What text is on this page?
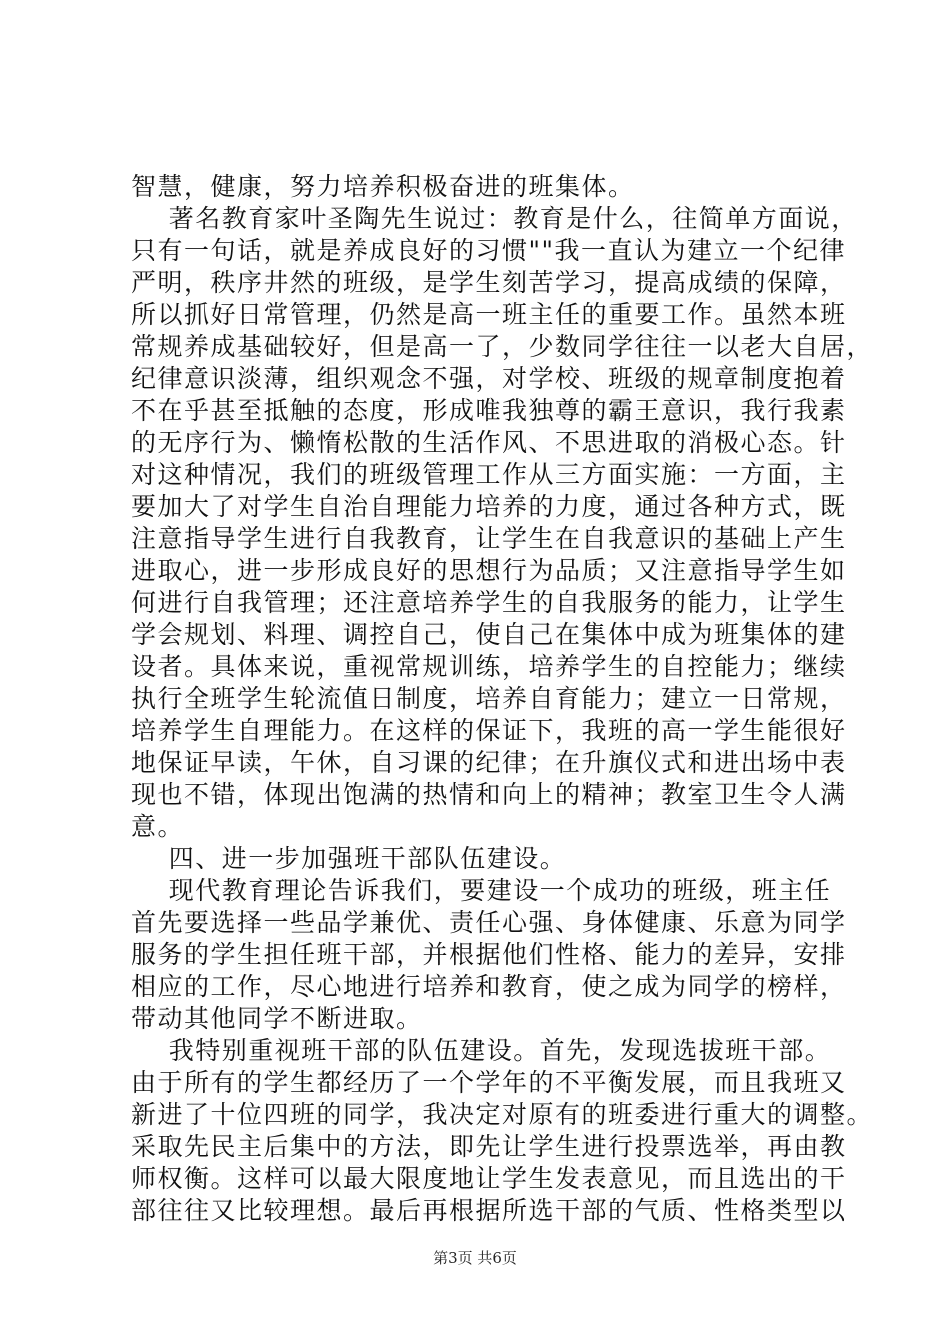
智慧，健康，努力培养积极奋进的班集体。
著名教育家叶圣陶先生说过：教育是什么，往简单方面说，
只有一句话，就是养成良好的习惯""我一直认为建立一个纪律
严明，秩序井然的班级，是学生刻苦学习，提高成绩的保障，
所以抓好日常管理，仍然是高一班主任的重要工作。虽然本班
常规养成基础较好，但是高一了，少数同学往往一以老大自居，
纪律意识淡薄，组织观念不强，对学校、班级的规章制度抱着
不在乎甚至抵触的态度，形成唯我独尊的霸王意识，我行我素
的无序行为、懒惰松散的生活作风、不思进取的消极心态。针
对这种情况，我们的班级管理工作从三方面实施：一方面，主
要加大了对学生自治自理能力培养的力度，通过各种方式，既
注意指导学生进行自我教育，让学生在自我意识的基础上产生
进取心，进一步形成良好的思想行为品质；又注意指导学生如
何进行自我管理；还注意培养学生的自我服务的能力，让学生
学会规划、料理、调控自己，使自己在集体中成为班集体的建
设者。具体来说，重视常规训练，培养学生的自控能力；继续
执行全班学生轮流值日制度，培养自育能力；建立一日常规，
培养学生自理能力。在这样的保证下，我班的高一学生能很好
地保证早读，午休，自习课的纪律；在升旗仪式和进出场中表
现也不错，体现出饱满的热情和向上的精神；教室卫生令人满
意。
四、进一步加强班干部队伍建设。
现代教育理论告诉我们，要建设一个成功的班级，班主任
首先要选择一些品学兼优、责任心强、身体健康、乐意为同学
服务的学生担任班干部，并根据他们性格、能力的差异，安排
相应的工作，尽心地进行培养和教育，使之成为同学的榜样，
带动其他同学不断进取。
我特别重视班干部的队伍建设。首先，发现选拔班干部。
由于所有的学生都经历了一个学年的不平衡发展，而且我班又
新进了十位四班的同学，我决定对原有的班委进行重大的调整。
采取先民主后集中的方法，即先让学生进行投票选举，再由教
师权衡。这样可以最大限度地让学生发表意见，而且选出的干
部往往又比较理想。最后再根据所选干部的气质、性格类型以
第3页 共6页
